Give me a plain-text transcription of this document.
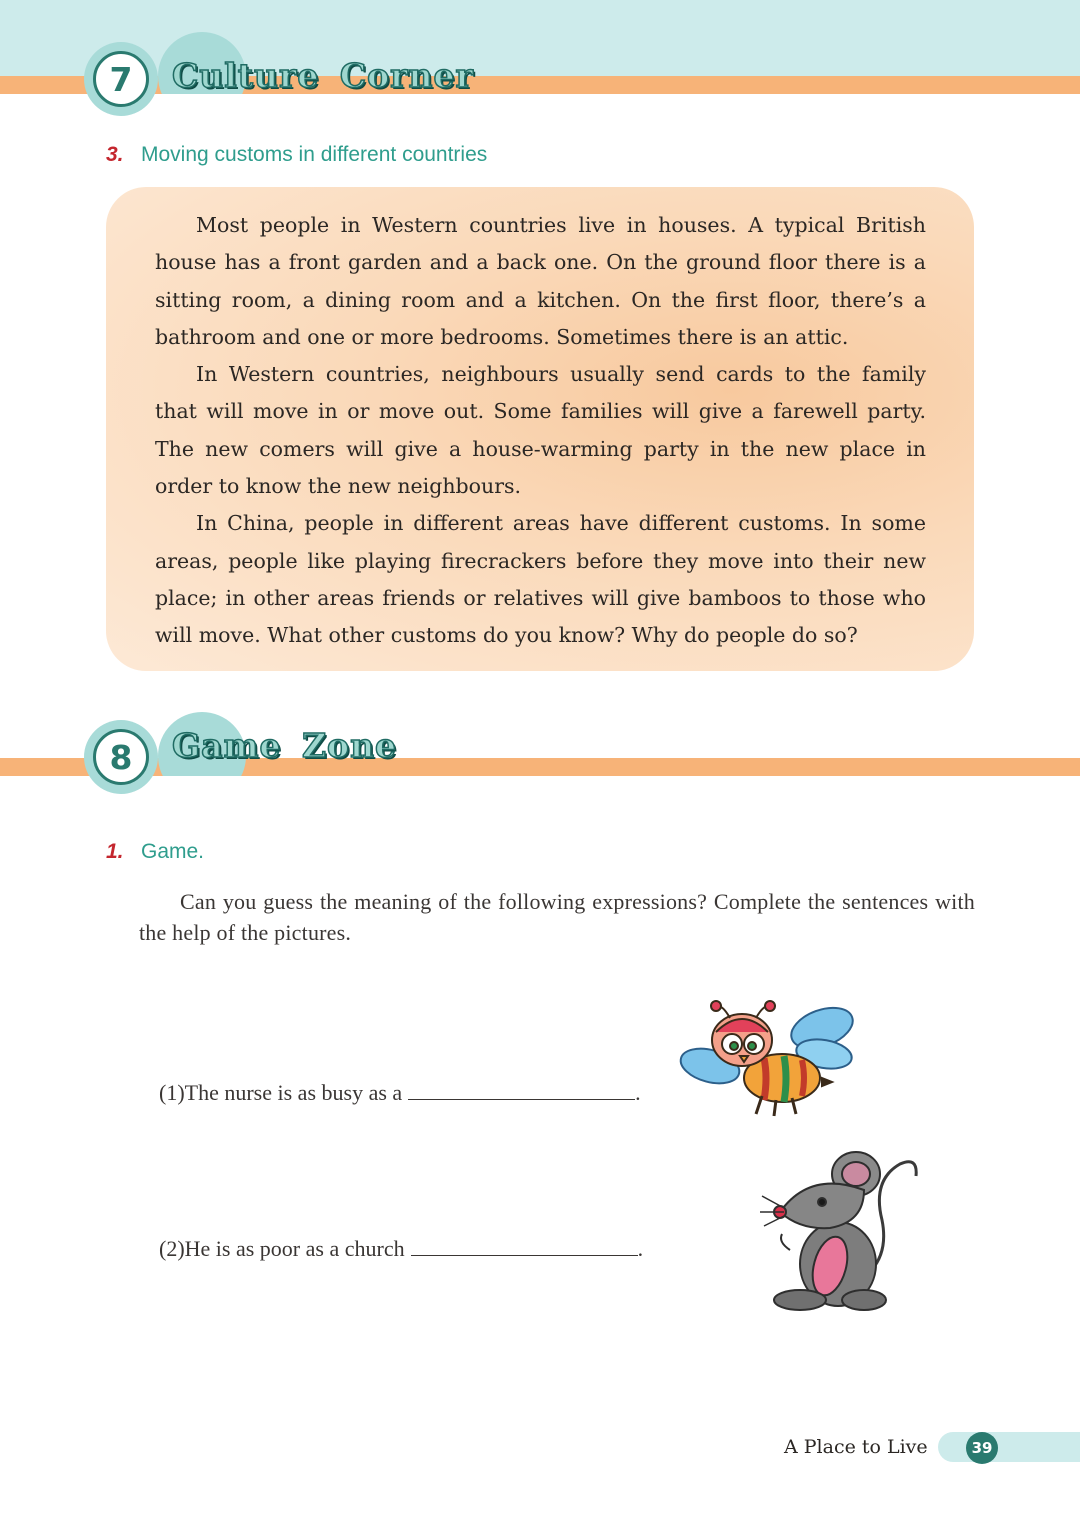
7	Culture Corner
3. Moving customs in different countries

Most people in Western countries live in houses. A typical British house has a front garden and a back one. On the ground floor there is a sitting room, a dining room and a kitchen. On the first floor, there’s a bathroom and one or more bedrooms. Sometimes there is an attic.

In Western countries, neighbours usually send cards to the family that will move in or move out. Some families will give a farewell party. The new comers will give a house-warming party in the new place in order to know the new neighbours.

In China, people in different areas have different customs. In some areas, people like playing firecrackers before they move into their new place; in other areas friends or relatives will give bamboos to those who will move. What other customs do you know? Why do people do so?

8	Game Zone
1. Game.
Can you guess the meaning of the following expressions? Complete the sentences with the help of the pictures.
(1)The nurse is as busy as a	.
(2)He is as poor as a church	.
A Place to Live	39
